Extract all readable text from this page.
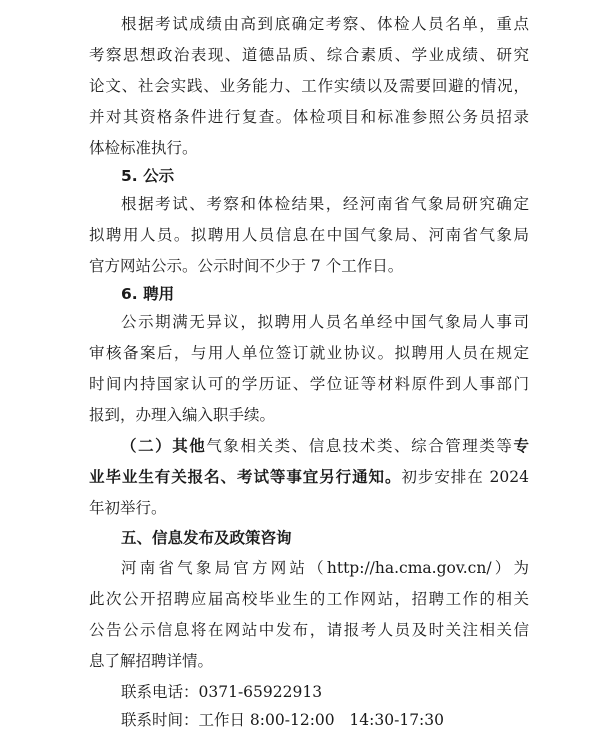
根据考试成绩由高到底确定考察、体检人员名单，重点
考察思想政治表现、道德品质、综合素质、学业成绩、研究
论文、社会实践、业务能力、工作实绩以及需要回避的情况，
并对其资格条件进行复查。体检项目和标准参照公务员招录
体检标准执行。
5. 公示
根据考试、考察和体检结果，经河南省气象局研究确定
拟聘用人员。拟聘用人员信息在中国气象局、河南省气象局
官方网站公示。公示时间不少于 7 个工作日。
6. 聘用
公示期满无异议，拟聘用人员名单经中国气象局人事司
审核备案后，与用人单位签订就业协议。拟聘用人员在规定
时间内持国家认可的学历证、学位证等材料原件到人事部门
报到，办理入编入职手续。
（二）其他气象相关类、信息技术类、综合管理类等专
业毕业生有关报名、考试等事宜另行通知。初步安排在 2024
年初举行。
五、信息发布及政策咨询
河南省气象局官方网站（http://ha.cma.gov.cn/）为
此次公开招聘应届高校毕业生的工作网站，招聘工作的相关
公告公示信息将在网站中发布，请报考人员及时关注相关信
息了解招聘详情。
联系电话：0371-65922913
联系时间：工作日 8:00-12:00   14:30-17:30
